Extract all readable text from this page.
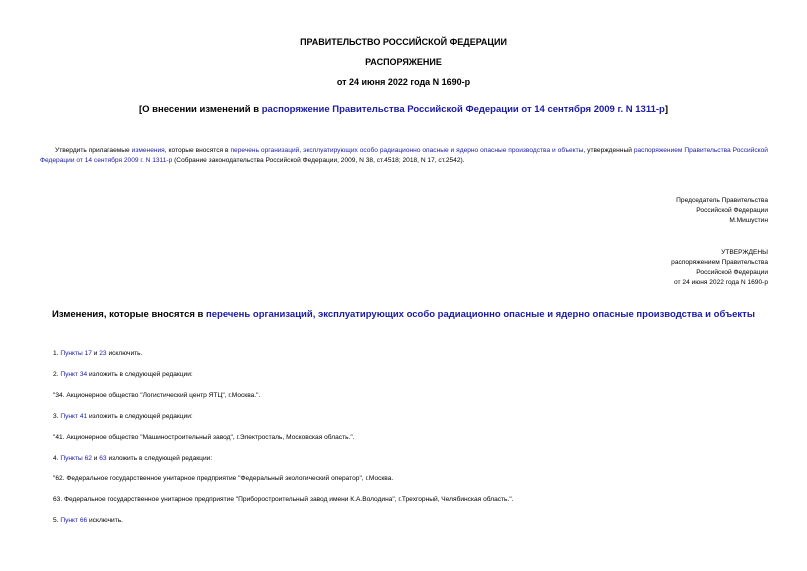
ПРАВИТЕЛЬСТВО РОССИЙСКОЙ ФЕДЕРАЦИИ
РАСПОРЯЖЕНИЕ
от 24 июня 2022 года N 1690-р
[О внесении изменений в распоряжение Правительства Российской Федерации от 14 сентября 2009 г. N 1311-р]
Утвердить прилагаемые изменения, которые вносятся в перечень организаций, эксплуатирующих особо радиационно опасные и ядерно опасные производства и объекты, утвержденный распоряжением Правительства Российской Федерации от 14 сентября 2009 г. N 1311-р (Собрание законодательства Российской Федерации, 2009, N 38, ст.4518; 2018, N 17, ст.2542).
Председатель Правительства
Российской Федерации
М.Мишустин
УТВЕРЖДЕНЫ
распоряжением Правительства
Российской Федерации
от 24 июня 2022 года N 1690-р
Изменения, которые вносятся в перечень организаций, эксплуатирующих особо радиационно опасные и ядерно опасные производства и объекты
1. Пункты 17 и 23 исключить.
2. Пункт 34 изложить в следующей редакции:
"34. Акционерное общество "Логистический центр ЯТЦ", г.Москва.".
3. Пункт 41 изложить в следующей редакции:
"41. Акционерное общество "Машиностроительный завод", г.Электросталь, Московская область.".
4. Пункты 62 и 63 изложить в следующей редакции:
"62. Федеральное государственное унитарное предприятие "Федеральный экологический оператор", г.Москва.
63. Федеральное государственное унитарное предприятие "Приборостроительный завод имени К.А.Володина", г.Трехгорный, Челябинская область.".
5. Пункт 66 исключить.
